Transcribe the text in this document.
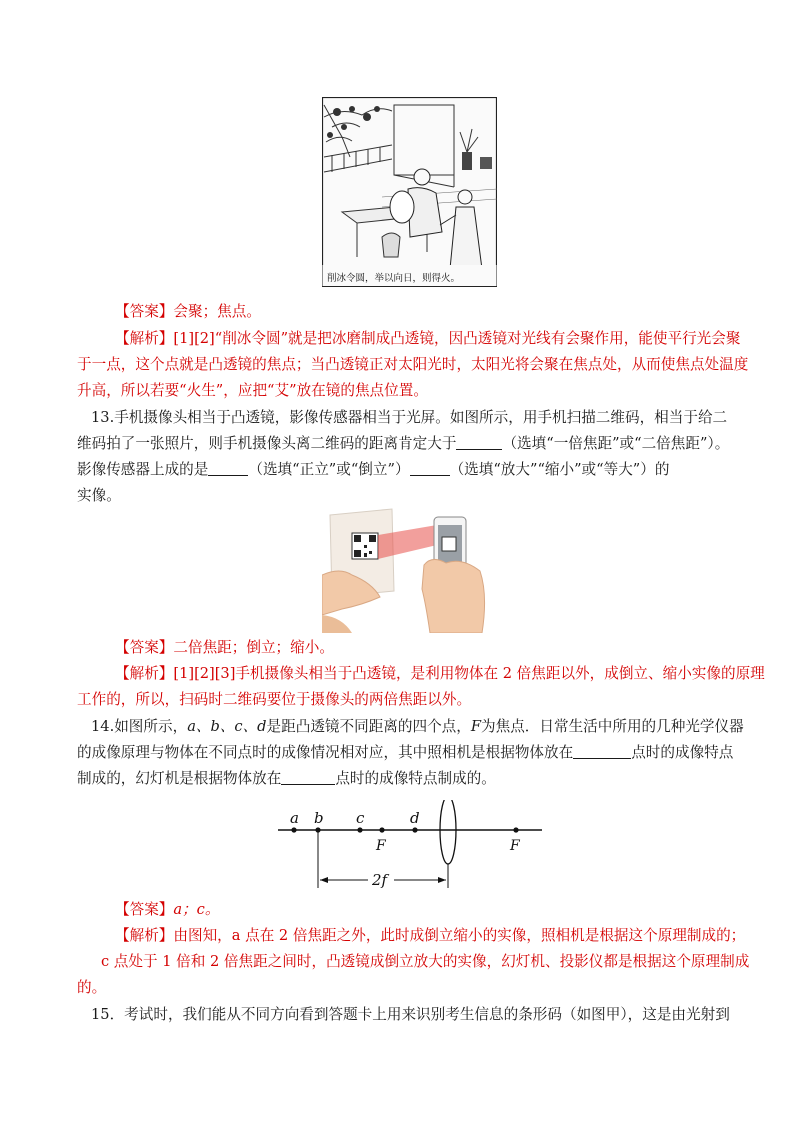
削冰令圆，举以向日，则得火。
【答案】会聚；焦点。
【解析】[1][2]“削冰令圆”就是把冰磨制成凸透镜，因凸透镜对光线有会聚作用，能使平行光会聚
于一点，这个点就是凸透镜的焦点；当凸透镜正对太阳光时，太阳光将会聚在焦点处，从而使焦点处温度
升高，所以若要“火生”，应把“艾”放在镜的焦点位置。
13.手机摄像头相当于凸透镜，影像传感器相当于光屏。如图所示，用手机扫描二维码，相当于给二
维码拍了一张照片，则手机摄像头离二维码的距离肯定大于	（选填“一倍焦距”或“二倍焦距”）。
影像传感器上成的是	（选填“正立”或“倒立”）	（选填“放大”“缩小”或“等大”）的
实像。
【答案】二倍焦距；倒立；缩小。
【解析】[1][2][3]手机摄像头相当于凸透镜，是利用物体在 2 倍焦距以外，成倒立、缩小实像的原理
工作的，所以，扫码时二维码要位于摄像头的两倍焦距以外。
14.如图所示，a、b、c、d是距凸透镜不同距离的四个点，F为焦点．日常生活中所用的几种光学仪器
的成像原理与物体在不同点时的成像情况相对应，其中照相机是根据物体放在	点时的成像特点
制成的，幻灯机是根据物体放在	点时的成像特点制成的。
a b c	d
F	F
2f
【答案】a；c。
【解析】由图知，a 点在 2 倍焦距之外，此时成倒立缩小的实像，照相机是根据这个原理制成的；
c 点处于 1 倍和 2 倍焦距之间时，凸透镜成倒立放大的实像，幻灯机、投影仪都是根据这个原理制成
的。
15．考试时，我们能从不同方向看到答题卡上用来识别考生信息的条形码（如图甲），这是由光射到
